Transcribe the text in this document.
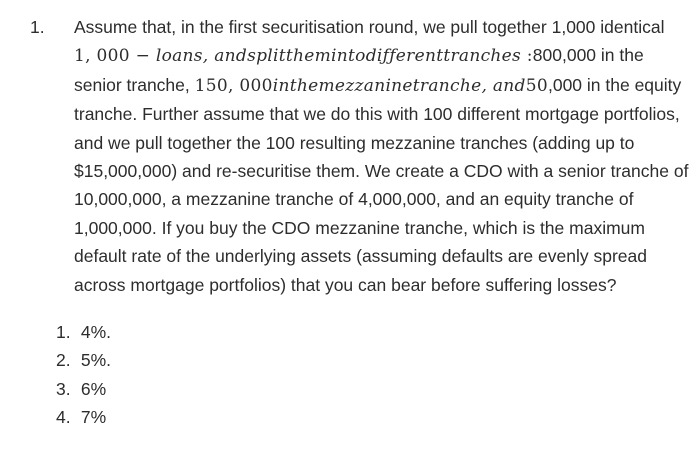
1. Assume that, in the first securitisation round, we pull together 1,000 identical
1, 000 − loans, andsplitthemintodiƒƒerenttranches :800,000 in the senior tranche, 150, 000inthemezzaninetranche, and50,000 in the equity tranche. Further assume that we do this with 100 different mortgage portfolios, and we pull together the 100 resulting mezzanine tranches (adding up to $15,000,000) and re-securitise them. We create a CDO with a senior tranche of 10,000,000, a mezzanine tranche of 4,000,000, and an equity tranche of 1,000,000. If you buy the CDO mezzanine tranche, which is the maximum default rate of the underlying assets (assuming defaults are evenly spread across mortgage portfolios) that you can bear before suffering losses?
1. 4%.
2. 5%.
3. 6%
4. 7%
